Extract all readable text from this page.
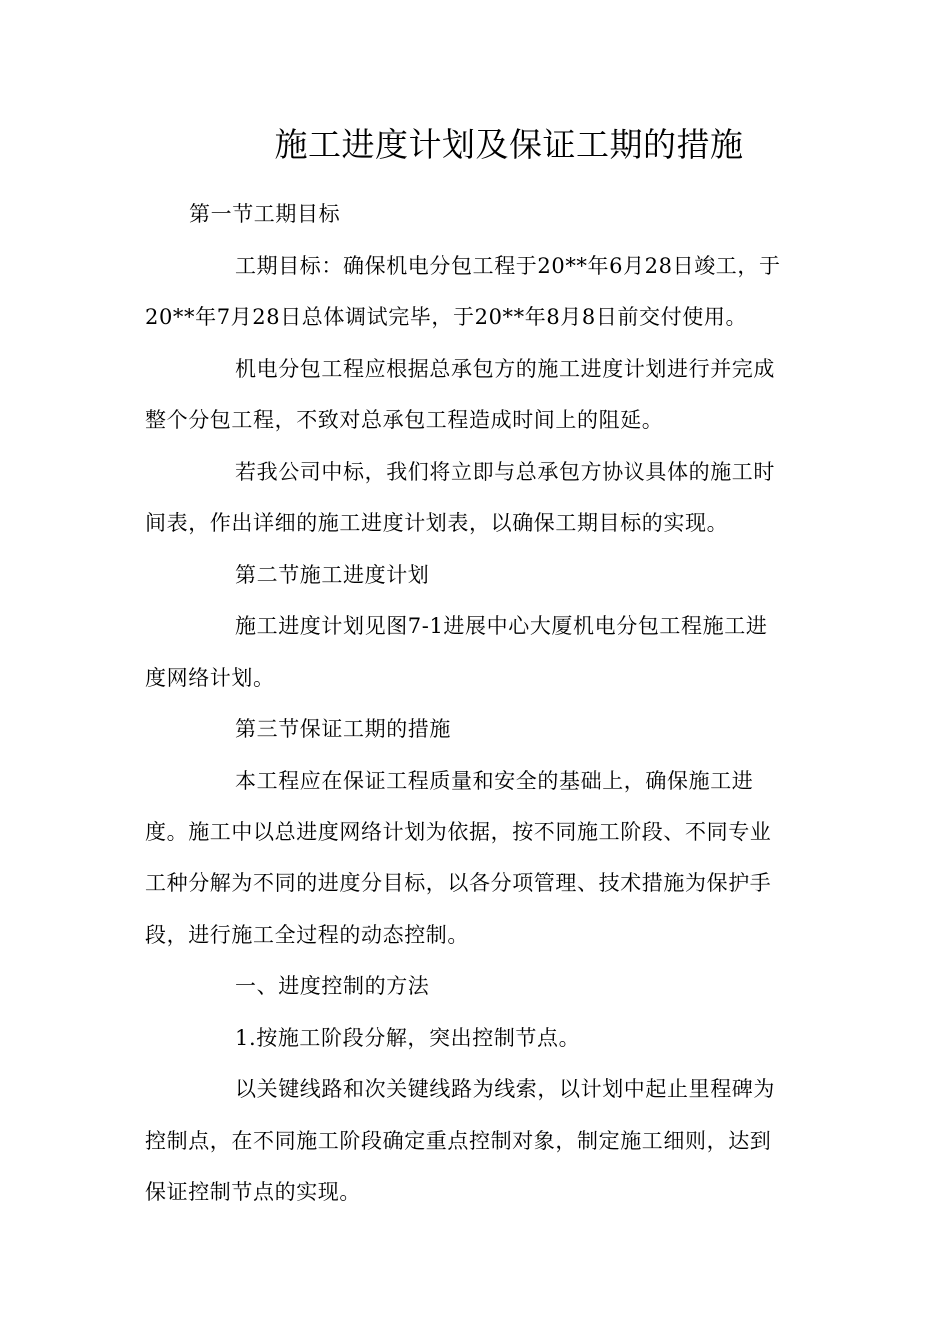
施工进度计划及保证工期的措施
第一节工期目标
工期目标：确保机电分包工程于20**年6月28日竣工，于
20**年7月28日总体调试完毕，于20**年8月8日前交付使用。
机电分包工程应根据总承包方的施工进度计划进行并完成
整个分包工程，不致对总承包工程造成时间上的阻延。
若我公司中标，我们将立即与总承包方协议具体的施工时
间表，作出详细的施工进度计划表，以确保工期目标的实现。
第二节施工进度计划
施工进度计划见图7-1进展中心大厦机电分包工程施工进
度网络计划。
第三节保证工期的措施
本工程应在保证工程质量和安全的基础上，确保施工进
度。施工中以总进度网络计划为依据，按不同施工阶段、不同专业
工种分解为不同的进度分目标，以各分项管理、技术措施为保护手
段，进行施工全过程的动态控制。
一、进度控制的方法
1.按施工阶段分解，突出控制节点。
以关键线路和次关键线路为线索，以计划中起止里程碑为
控制点，在不同施工阶段确定重点控制对象，制定施工细则，达到
保证控制节点的实现。
